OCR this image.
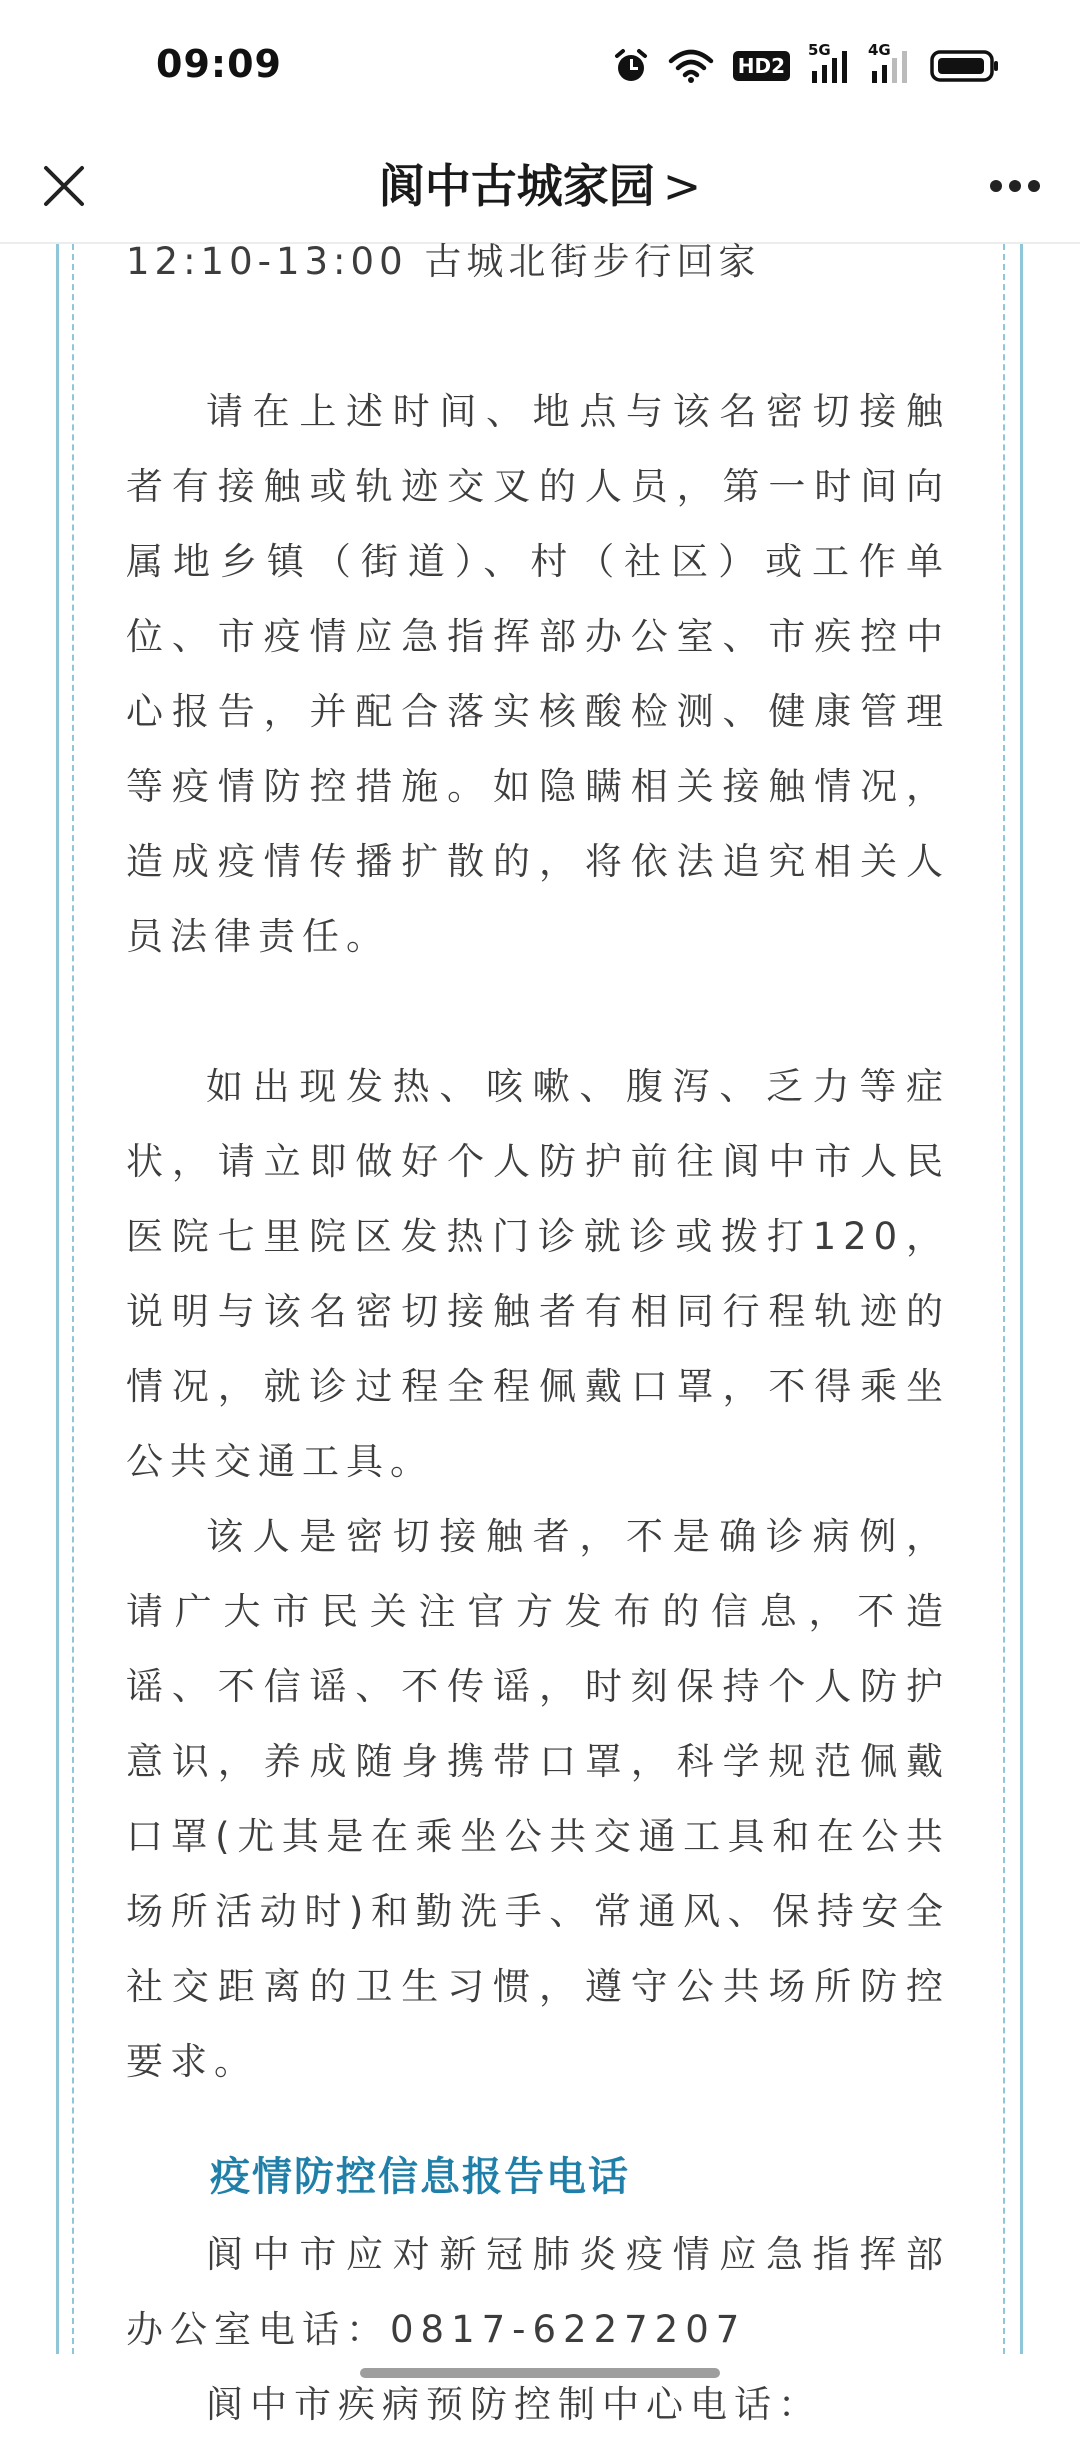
09:09	HD2
5G 4G
阆中古城家园 >

12:10-13:00 古城北街步行回家

请在上述时间、地点与该名密切接触者有接触或轨迹交叉的人员，第一时间向属地乡镇（街道）、村（社区）或工作单位、市疫情应急指挥部办公室、市疾控中心报告，并配合落实核酸检测、健康管理等疫情防控措施。如隐瞒相关接触情况，造成疫情传播扩散的，将依法追究相关人员法律责任。

如出现发热、咳嗽、腹泻、乏力等症状，请立即做好个人防护前往阆中市人民医院七里院区发热门诊就诊或拨打120，说明与该名密切接触者有相同行程轨迹的情况，就诊过程全程佩戴口罩，不得乘坐公共交通工具。

该人是密切接触者，不是确诊病例，请广大市民关注官方发布的信息，不造谣、不信谣、不传谣，时刻保持个人防护意识，养成随身携带口罩，科学规范佩戴口罩(尤其是在乘坐公共交通工具和在公共场所活动时)和勤洗手、常通风、保持安全社交距离的卫生习惯，遵守公共场所防控要求。

疫情防控信息报告电话

阆中市应对新冠肺炎疫情应急指挥部办公室电话：0817-6227207

阆中市疾病预防控制中心电话：
